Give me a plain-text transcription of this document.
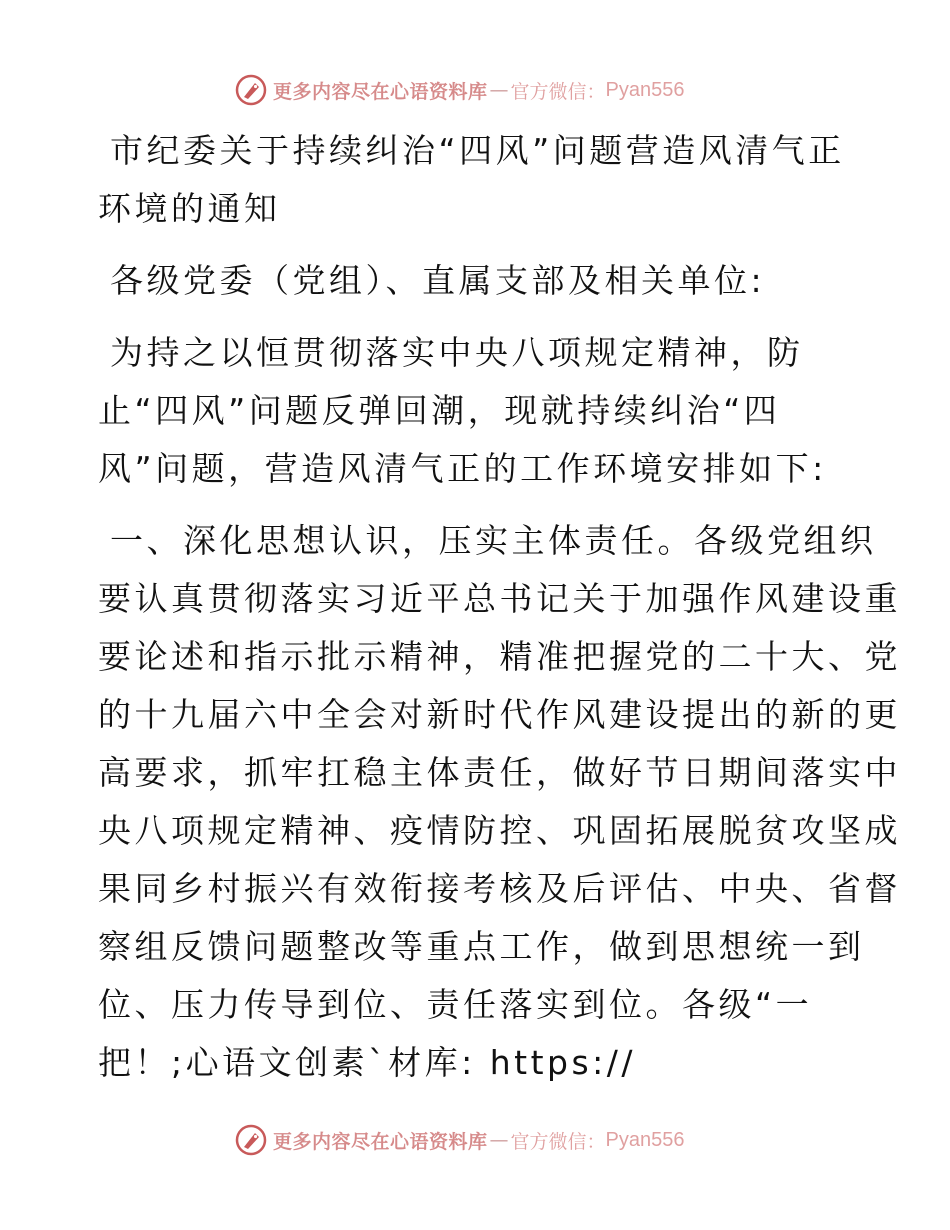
更多内容尽在心语资料库 — 官方微信： Pyan556

市纪委关于持续纠治“四风”问题营造风清气正

环境的通知

各级党委（党组）、直属支部及相关单位:

为持之以恒贯彻落实中央八项规定精神，防

止“四风”问题反弹回潮，现就持续纠治“四

风”问题，营造风清气正的工作环境安排如下:

一、深化思想认识，压实主体责任。各级党组织

要认真贯彻落实习近平总书记关于加强作风建设重

要论述和指示批示精神，精准把握党的二十大、党

的十九届六中全会对新时代作风建设提出的新的更

高要求，抓牢扛稳主体责任，做好节日期间落实中

央八项规定精神、疫情防控、巩固拓展脱贫攻坚成

果同乡村振兴有效衔接考核及后评估、中央、省督

察组反馈问题整改等重点工作，做到思想统一到

位、压力传导到位、责任落实到位。各级“一

把！;心语文创素`材库: https://

更多内容尽在心语资料库 — 官方微信： Pyan556
